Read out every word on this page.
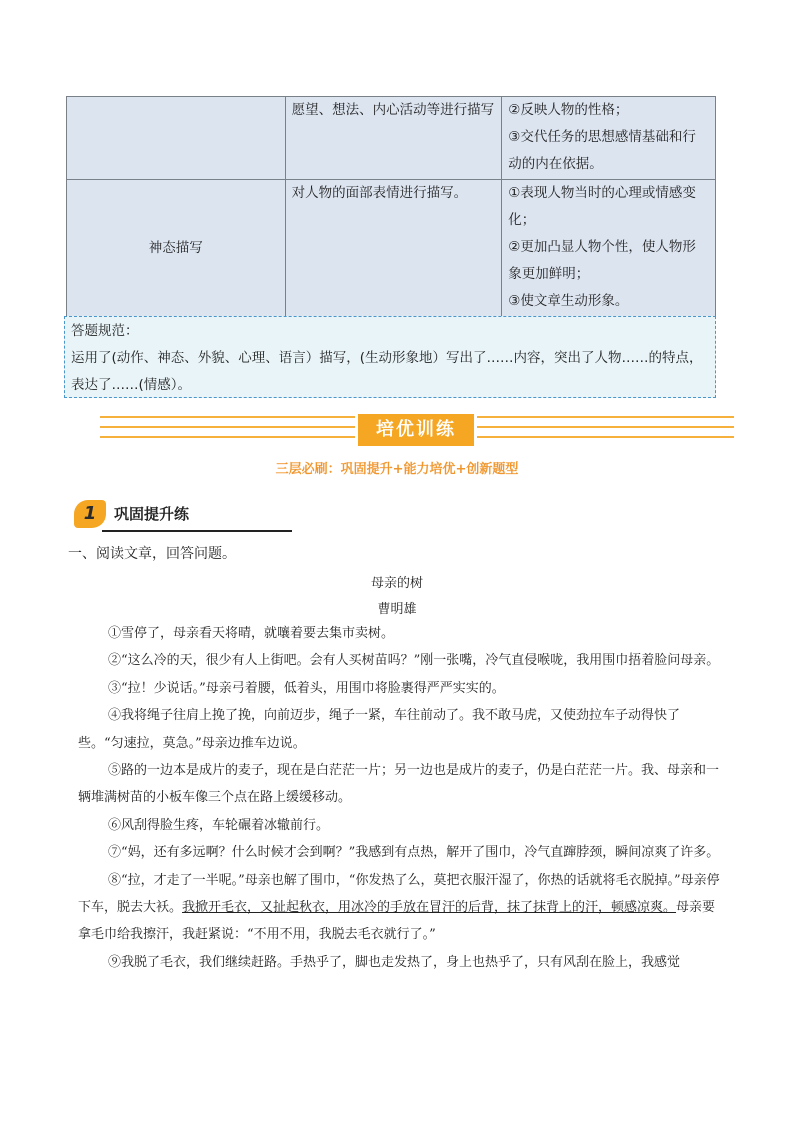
	愿望、想法、内心活动等进行描写	②反映人物的性格；
③交代任务的思想感情基础和行动的内在依据。

神态描写	对人物的面部表情进行描写。	①表现人物当时的心理或情感变化；
②更加凸显人物个性，使人物形象更加鲜明；
③使文章生动形象。
答题规范：
运用了(动作、神态、外貌、心理、语言）描写，(生动形象地）写出了……内容，突出了人物……的特点，表达了……(情感）。
培优训练
三层必刷：巩固提升+能力培优+创新题型
1	巩固提升练
一、阅读文章，回答问题。
母亲的树
曹明雄

①雪停了，母亲看天将晴，就嚷着要去集市卖树。

②“这么冷的天，很少有人上街吧。会有人买树苗吗？”刚一张嘴，冷气直侵喉咙，我用围巾捂着脸问母亲。

③“拉！少说话。”母亲弓着腰，低着头，用围巾将脸裹得严严实实的。

④我将绳子往肩上挽了挽，向前迈步，绳子一紧，车往前动了。我不敢马虎，又使劲拉车子动得快了些。“匀速拉，莫急。”母亲边推车边说。

⑤路的一边本是成片的麦子，现在是白茫茫一片；另一边也是成片的麦子，仍是白茫茫一片。我、母亲和一辆堆满树苗的小板车像三个点在路上缓缓移动。

⑥风刮得脸生疼，车轮碾着冰辙前行。

⑦“妈，还有多远啊？什么时候才会到啊？”我感到有点热，解开了围巾，冷气直蹿脖颈，瞬间凉爽了许多。

⑧“拉，才走了一半呢。”母亲也解了围巾，“你发热了么，莫把衣服汗湿了，你热的话就将毛衣脱掉。”母亲停下车，脱去大袄。我掀开毛衣，又扯起秋衣，用冰冷的手放在冒汗的后背，抹了抹背上的汗，顿感凉爽。母亲要拿毛巾给我擦汗，我赶紧说：“不用不用，我脱去毛衣就行了。”

⑨我脱了毛衣，我们继续赶路。手热乎了，脚也走发热了，身上也热乎了，只有风刮在脸上，我感觉
